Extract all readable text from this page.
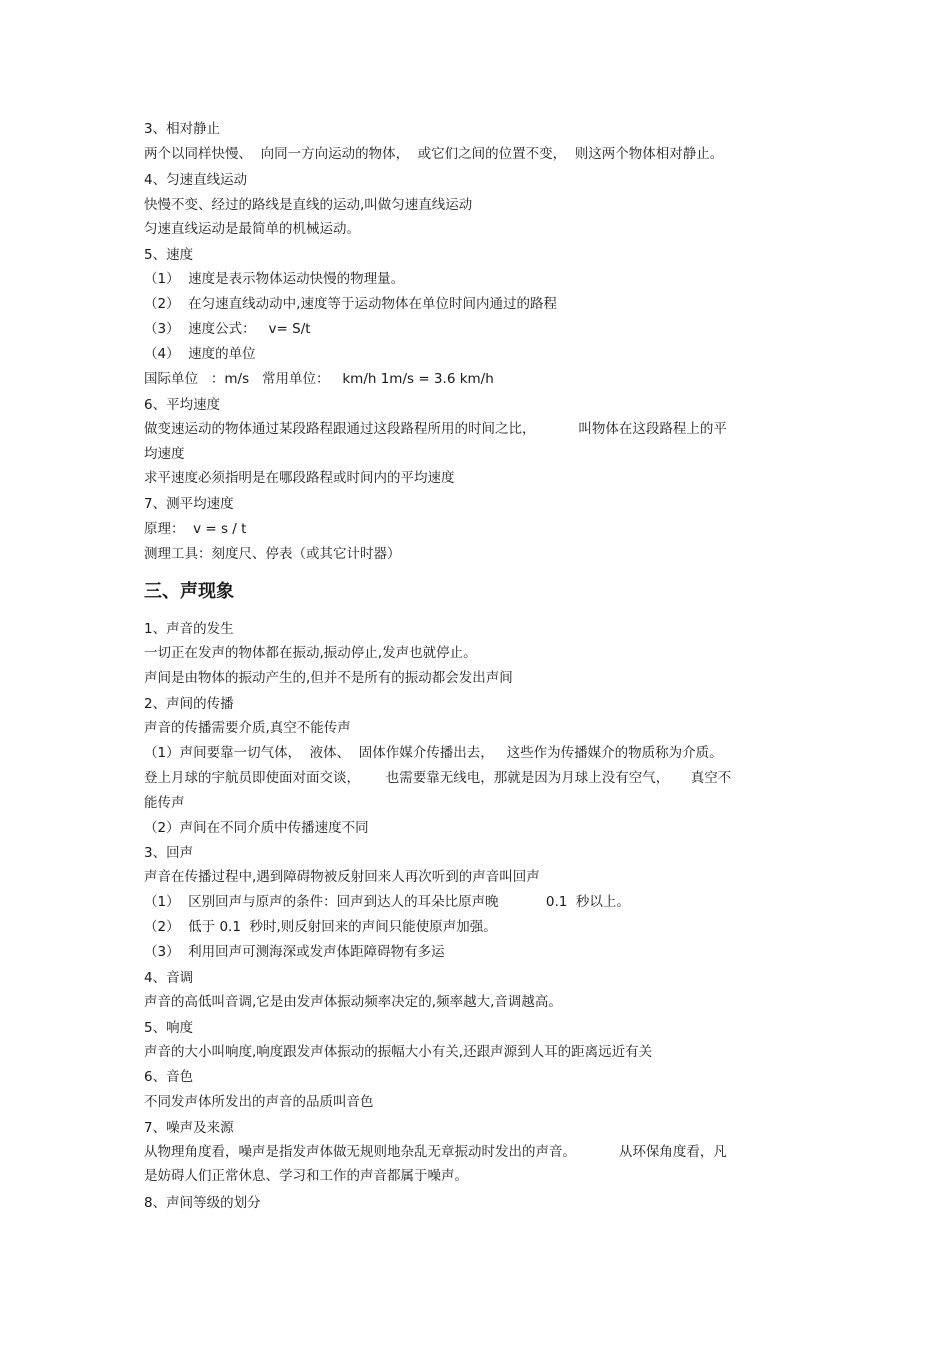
3、相对静止

两个以同样快慢、  向同一方向运动的物体，  或它们之间的位置不变，  则这两个物体相对静止。

4、匀速直线运动

快慢不变、经过的路线是直线的运动,叫做匀速直线运动

匀速直线运动是最简单的机械运动。

5、速度

（1）  速度是表示物体运动快慢的物理量。

（2）  在匀速直线动动中,速度等于运动物体在单位时间内通过的路程

（3）  速度公式：   v= S/t

（4）  速度的单位

国际单位   ：m/s   常用单位：   km/h 1m/s = 3.6 km/h

6、平均速度

做变速运动的物体通过某段路程跟通过这段路程所用的时间之比，          叫物体在这段路程上的平

均速度

求平速度必须指明是在哪段路程或时间内的平均速度

7、测平均速度

原理：  v = s / t

测理工具：刻度尺、停表（或其它计时器）

三、声现象

1、声音的发生

一切正在发声的物体都在振动,振动停止,发声也就停止。

声间是由物体的振动产生的,但并不是所有的振动都会发出声间

2、声间的传播

声音的传播需要介质,真空不能传声

（1）声间要靠一切气体，  液体、  固体作媒介传播出去，   这些作为传播媒介的物质称为介质。

登上月球的宇航员即使面对面交谈，      也需要靠无线电，那就是因为月球上没有空气，     真空不

能传声

（2）声间在不同介质中传播速度不同

3、回声

声音在传播过程中,遇到障碍物被反射回来人再次听到的声音叫回声

（1）  区别回声与原声的条件：回声到达人的耳朵比原声晚           0.1  秒以上。

（2）  低于 0.1  秒时,则反射回来的声间只能使原声加强。

（3）  利用回声可测海深或发声体距障碍物有多运

4、音调

声音的高低叫音调,它是由发声体振动频率决定的,频率越大,音调越高。

5、响度

声音的大小叫响度,响度跟发声体振动的振幅大小有关,还跟声源到人耳的距离远近有关

6、音色

不同发声体所发出的声音的品质叫音色

7、噪声及来源

从物理角度看，噪声是指发声体做无规则地杂乱无章振动时发出的声音。          从环保角度看，凡

是妨碍人们正常休息、学习和工作的声音都属于噪声。

8、声间等级的划分
